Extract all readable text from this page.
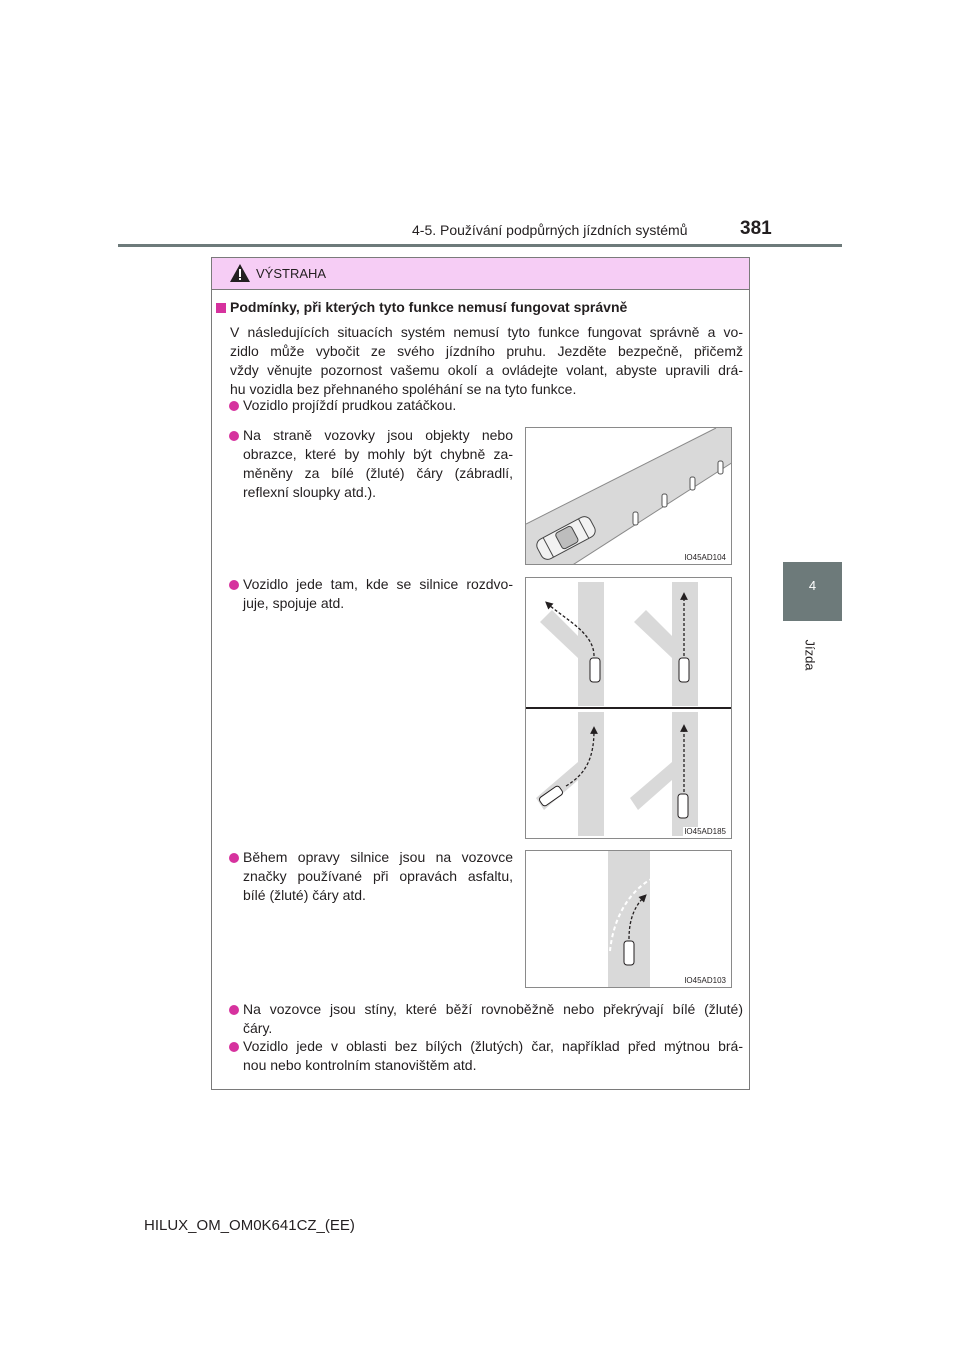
4-5. Používání podpůrných jízdních systémů	381
4
Jízda
VÝSTRAHA
Podmínky, při kterých tyto funkce nemusí fungovat správně
V následujících situacích systém nemusí tyto funkce fungovat správně a vo-
zidlo může vybočit ze svého jízdního pruhu. Jezděte bezpečně, přičemž
vždy věnujte pozornost vašemu okolí a ovládejte volant, abyste upravili drá-
hu vozidla bez přehnaného spoléhání se na tyto funkce.
Vozidlo projíždí prudkou zatáčkou.
Na straně vozovky jsou objekty nebo
obrazce, které by mohly být chybně za-
měněny za bílé (žluté) čáry (zábradlí,
reflexní sloupky atd.).
IO45AD104
Vozidlo jede tam, kde se silnice rozdvo-
juje, spojuje atd.
IO45AD185
Během opravy silnice jsou na vozovce
značky používané při opravách asfaltu,
bílé (žluté) čáry atd.
IO45AD103
Na vozovce jsou stíny, které běží rovnoběžně nebo překrývají bílé (žluté)
čáry.
Vozidlo jede v oblasti bez bílých (žlutých) čar, například před mýtnou brá-
nou nebo kontrolním stanovištěm atd.
HILUX_OM_OM0K641CZ_(EE)
